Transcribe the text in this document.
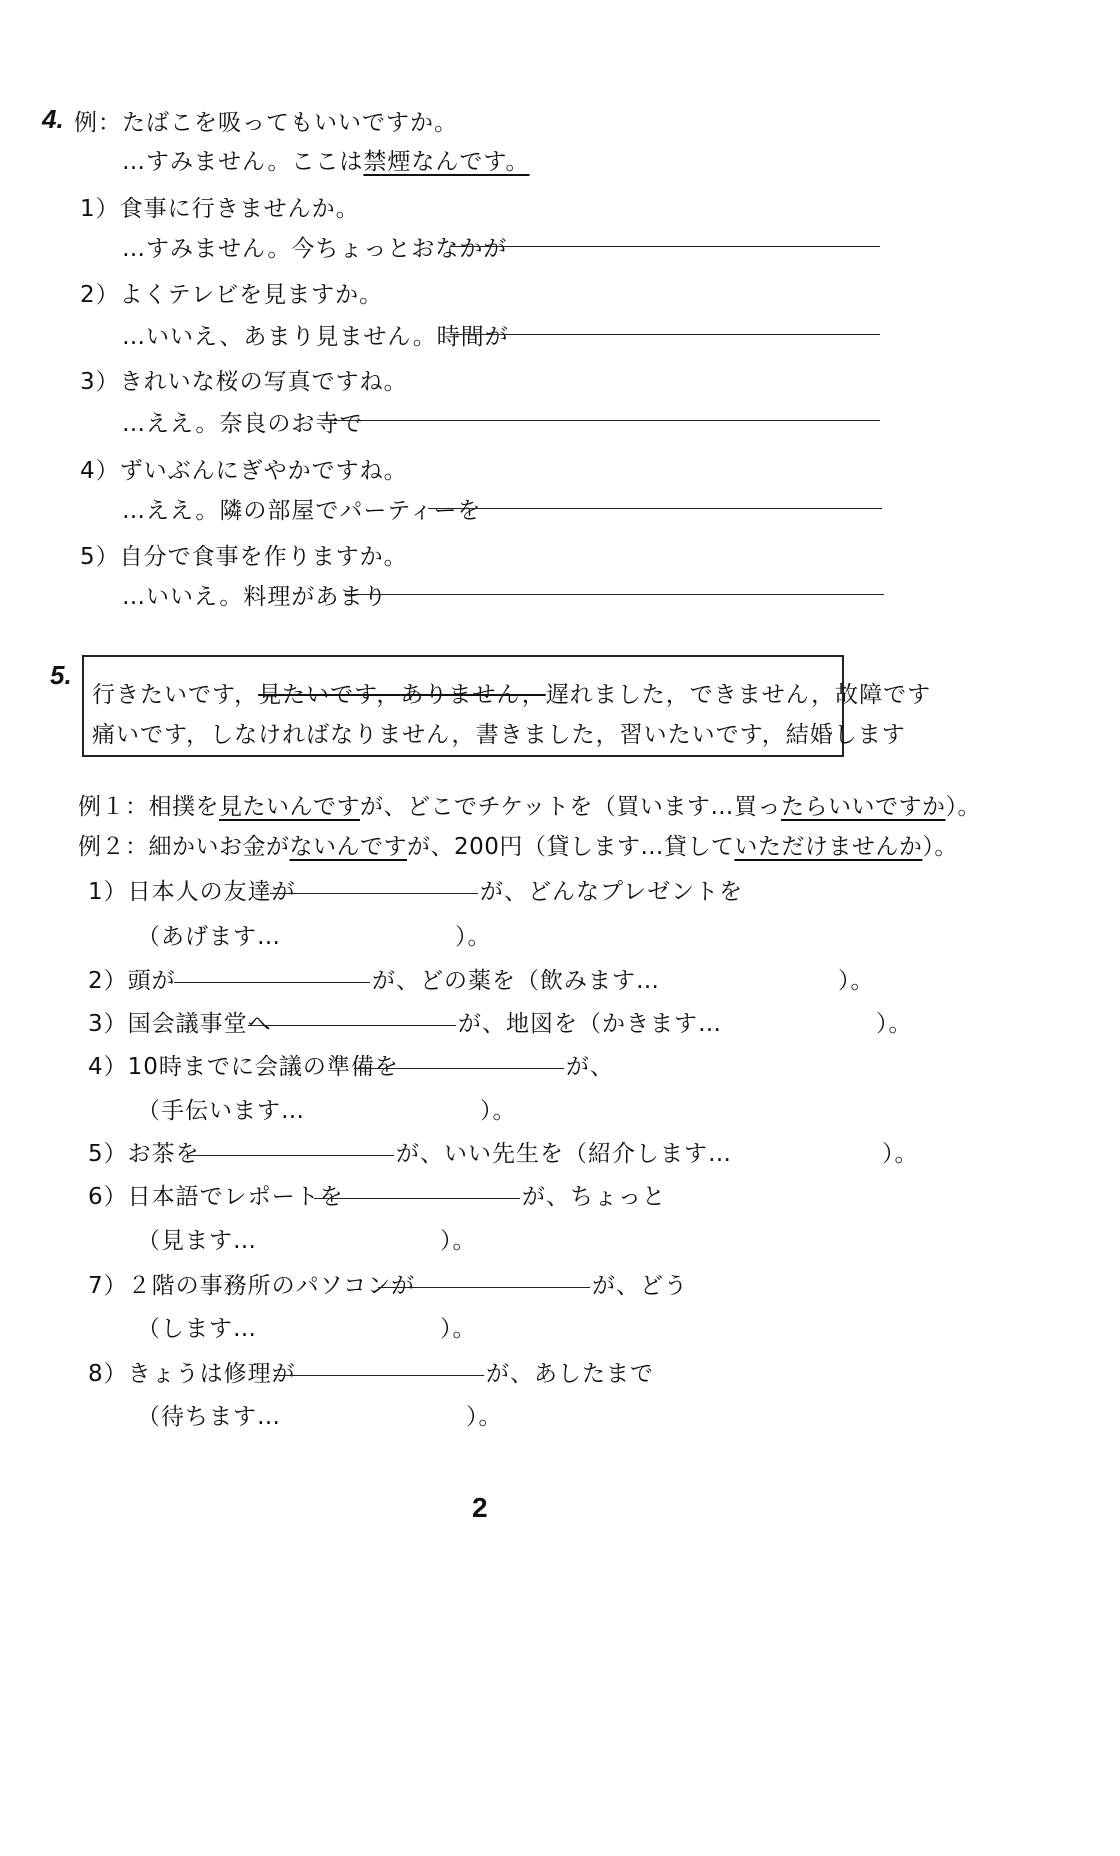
4. 例：たばこを吸ってもいいですか。
…すみません。ここは禁煙なんです。
1）食事に行きませんか。
…すみません。今ちょっとおなかが
2）よくテレビを見ますか。
…いいえ、あまり見ません。時間が
3）きれいな桜の写真ですね。
…ええ。奈良のお寺で
4）ずいぶんにぎやかですね。
…ええ。隣の部屋でパーティーを
5）自分で食事を作りますか。
…いいえ。料理があまり
5.
行きたいです，見たいです，ありません，遅れました，できません，故障です
痛いです，しなければなりません，書きました，習いたいです，結婚します
例１：相撲を見たいんですが、どこでチケットを（買います…買ったらいいですか）。
例２：細かいお金がないんですが、200円（貸します…貸していただけませんか）。
1）日本人の友達が	が、どんなプレゼントを
（あげます…	）。
2）頭が	が、どの薬を（飲みます…	）。
3）国会議事堂へ	が、地図を（かきます…	）。
4）10時までに会議の準備を	が、
（手伝います…	）。
5）お茶を	が、いい先生を（紹介します…	）。
6）日本語でレポートを	が、ちょっと
（見ます…	）。
7）２階の事務所のパソコンが	が、どう
（します…	）。
8）きょうは修理が	が、あしたまで
（待ちます…	）。
2
